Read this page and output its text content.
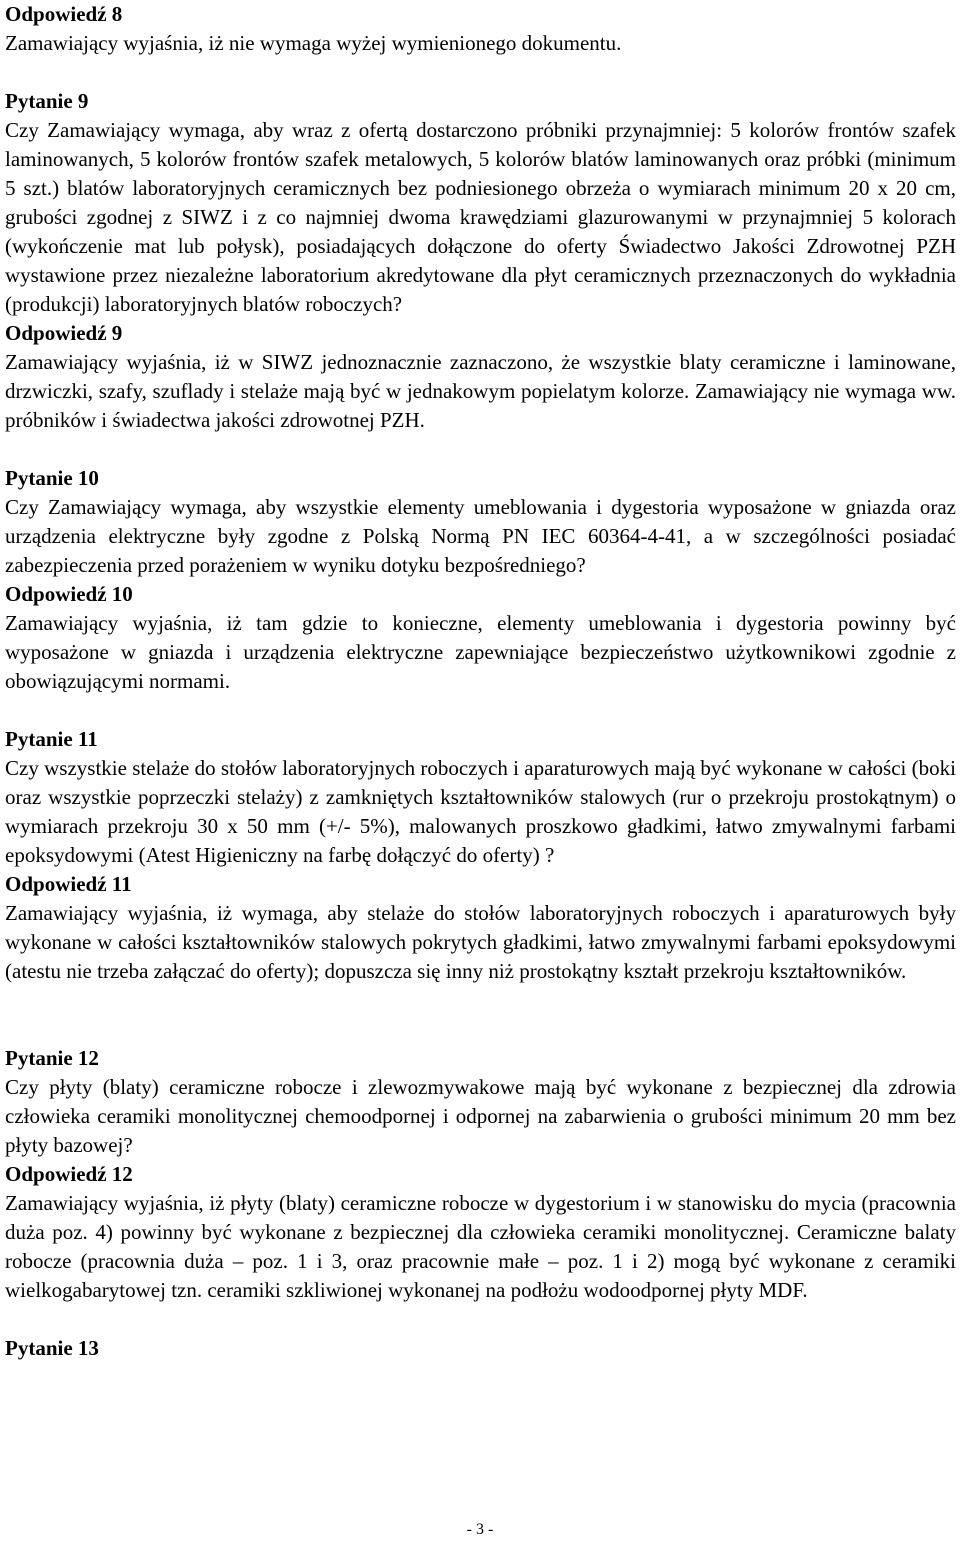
Odpowiedź 8

Zamawiający wyjaśnia, iż nie wymaga wyżej wymienionego dokumentu.

Pytanie 9

Czy Zamawiający wymaga, aby wraz z ofertą dostarczono próbniki przynajmniej: 5 kolorów frontów szafek laminowanych, 5 kolorów frontów szafek metalowych, 5 kolorów blatów laminowanych oraz próbki (minimum 5 szt.) blatów laboratoryjnych ceramicznych bez podniesionego obrzeża o wymiarach minimum 20 x 20 cm, grubości zgodnej z SIWZ i z co najmniej dwoma krawędziami glazurowanymi w przynajmniej 5 kolorach (wykończenie mat lub połysk), posiadających dołączone do oferty Świadectwo Jakości Zdrowotnej PZH wystawione przez niezależne laboratorium akredytowane dla płyt ceramicznych przeznaczonych do wykładnia (produkcji) laboratoryjnych blatów roboczych?

Odpowiedź 9

Zamawiający wyjaśnia, iż w SIWZ jednoznacznie zaznaczono, że wszystkie blaty ceramiczne i laminowane, drzwiczki, szafy, szuflady i stelaże mają być w jednakowym popielatym kolorze. Zamawiający nie wymaga ww. próbników i świadectwa jakości zdrowotnej PZH.

Pytanie 10

Czy Zamawiający wymaga, aby wszystkie elementy umeblowania i dygestoria wyposażone w gniazda oraz urządzenia elektryczne były zgodne z Polską Normą PN IEC 60364-4-41, a w szczególności posiadać zabezpieczenia przed porażeniem w wyniku dotyku bezpośredniego?

Odpowiedź 10

Zamawiający wyjaśnia, iż tam gdzie to konieczne, elementy umeblowania i dygestoria powinny być wyposażone w gniazda i urządzenia elektryczne zapewniające bezpieczeństwo użytkownikowi zgodnie z obowiązującymi normami.

Pytanie 11

Czy wszystkie stelaże do stołów laboratoryjnych roboczych i aparaturowych mają być wykonane w całości (boki oraz wszystkie poprzeczki stelaży) z zamkniętych kształtowników stalowych (rur o przekroju prostokątnym) o wymiarach przekroju 30 x 50 mm (+/- 5%), malowanych proszkowo gładkimi, łatwo zmywalnymi farbami epoksydowymi (Atest Higieniczny na farbę dołączyć do oferty) ?

Odpowiedź 11

Zamawiający wyjaśnia, iż wymaga, aby stelaże do stołów laboratoryjnych roboczych i aparaturowych były wykonane w całości kształtowników stalowych pokrytych gładkimi, łatwo zmywalnymi farbami epoksydowymi (atestu nie trzeba załączać do oferty); dopuszcza się inny niż prostokątny kształt przekroju kształtowników.

Pytanie 12

Czy płyty (blaty) ceramiczne robocze i zlewozmywakowe mają być wykonane z bezpiecznej dla zdrowia człowieka ceramiki monolitycznej chemoodpornej i odpornej na zabarwienia o grubości minimum 20 mm bez płyty bazowej?

Odpowiedź 12

Zamawiający wyjaśnia, iż płyty (blaty) ceramiczne robocze w dygestorium i w stanowisku do mycia (pracownia duża poz. 4) powinny być wykonane z bezpiecznej dla człowieka ceramiki monolitycznej. Ceramiczne balaty robocze (pracownia duża – poz. 1 i 3, oraz pracownie małe – poz. 1 i 2) mogą być wykonane z ceramiki wielkogabarytowej tzn. ceramiki szkliwionej wykonanej na podłożu wodoodpornej płyty MDF.

Pytanie 13

- 3 -
